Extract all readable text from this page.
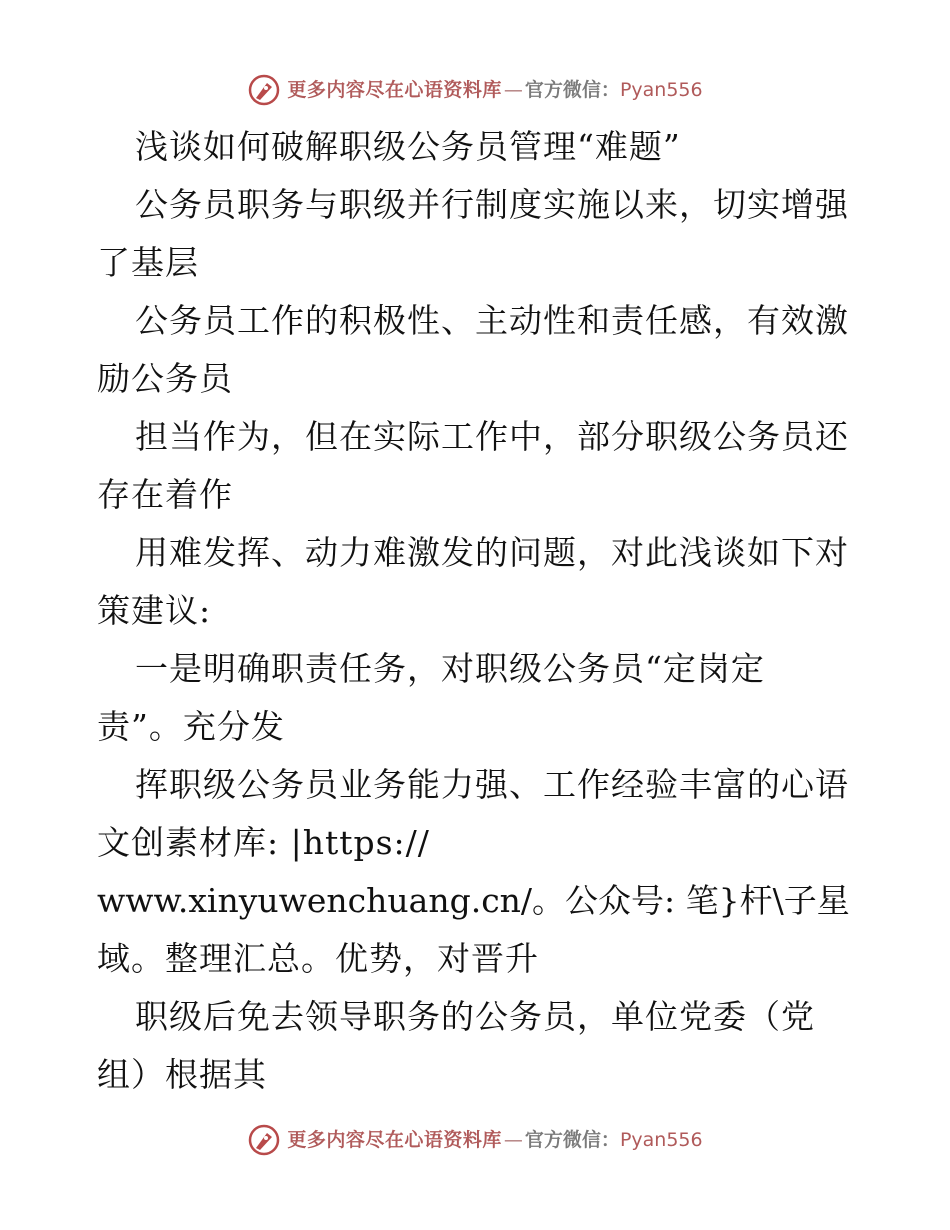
更多内容尽在心语资料库 — 官方微信： Pyan556
浅谈如何破解职级公务员管理“难题”
公务员职务与职级并行制度实施以来，切实增强
了基层
公务员工作的积极性、主动性和责任感，有效激
励公务员
担当作为，但在实际工作中，部分职级公务员还
存在着作
用难发挥、动力难激发的问题，对此浅谈如下对
策建议:
一是明确职责任务，对职级公务员“定岗定
责”。充分发
挥职级公务员业务能力强、工作经验丰富的心语
文创素材库: |https://
www.xinyuwenchuang.cn/。公众号: 笔}杆\子星
域。整理汇总。优势，对晋升
职级后免去领导职务的公务员，单位党委（党
组）根据其
更多内容尽在心语资料库 — 官方微信： Pyan556
